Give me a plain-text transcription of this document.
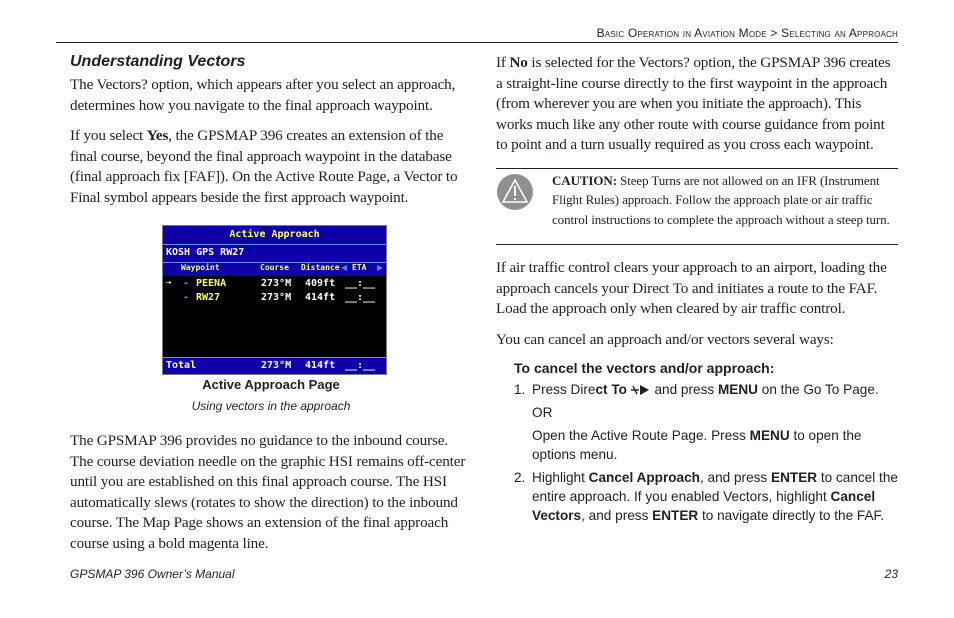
Basic Operation in Aviation Mode > Selecting an Approach
Understanding Vectors

The Vectors? option, which appears after you select an approach, determines how you navigate to the final approach waypoint.

If you select Yes, the GPSMAP 396 creates an extension of the final course, beyond the final approach waypoint in the database (final approach fix [FAF]). On the Active Route Page, a Vector to Final symbol appears beside the first approach waypoint.

Active Approach
KOSH GPS RW27
Waypoint	Course Distance ◀ ETA ▶
⇢ - PEENA	273°M 409ft __:__
- RW27	273°M 414ft __:__
Total	273°M 414ft __:__
Active Approach Page
Using vectors in the approach

The GPSMAP 396 provides no guidance to the inbound course. The course deviation needle on the graphic HSI remains off-center until you are established on this final approach course. The HSI automatically slews (rotates to show the direction) to the inbound course. The Map Page shows an extension of the final approach course using a bold magenta line.

If No is selected for the Vectors? option, the GPSMAP 396 creates a straight-line course directly to the first waypoint in the approach (from wherever you are when you initiate the approach). This works much like any other route with course guidance from point to point and a turn usually required as you cross each waypoint.

CAUTION: Steep Turns are not allowed on an IFR (Instrument Flight Rules) approach. Follow the approach plate or air traffic control instructions to complete the approach without a steep turn.

If air traffic control clears your approach to an airport, loading the approach cancels your Direct To and initiates a route to the FAF. Load the approach only when cleared by air traffic control.

You can cancel an approach and/or vectors several ways:

To cancel the vectors and/or approach:
1. Press Direct To  and press MENU on the Go To Page.
OR
Open the Active Route Page. Press MENU to open the options menu.
2. Highlight Cancel Approach, and press ENTER to cancel the entire approach. If you enabled Vectors, highlight Cancel Vectors, and press ENTER to navigate directly to the FAF.
GPSMAP 396 Owner’s Manual	23
